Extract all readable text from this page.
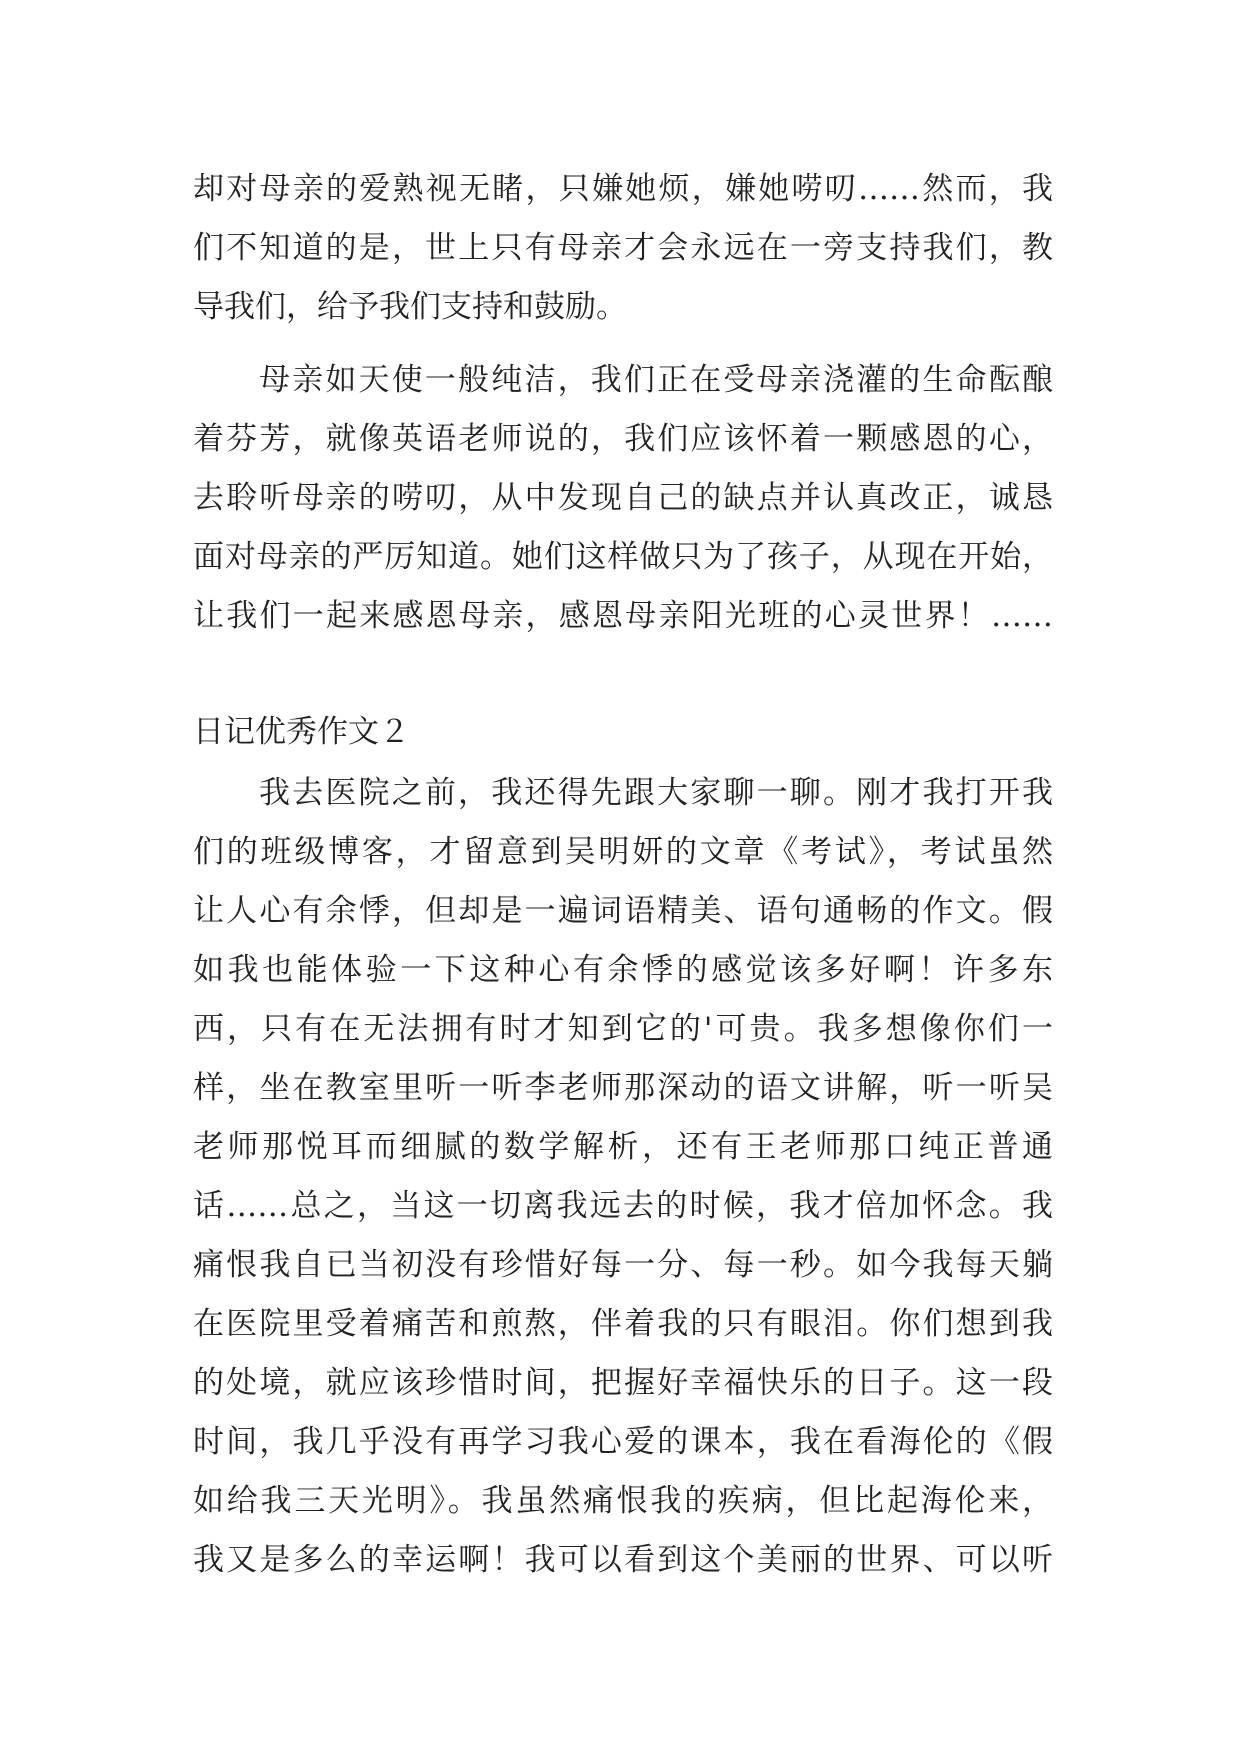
却对母亲的爱熟视无睹，只嫌她烦，嫌她唠叨……然而，我
们不知道的是，世上只有母亲才会永远在一旁支持我们，教
导我们，给予我们支持和鼓励。
母亲如天使一般纯洁，我们正在受母亲浇灌的生命酝酿
着芬芳，就像英语老师说的，我们应该怀着一颗感恩的心，
去聆听母亲的唠叨，从中发现自己的缺点并认真改正，诚恳
面对母亲的严厉知道。她们这样做只为了孩子，从现在开始，
让我们一起来感恩母亲，感恩母亲阳光班的心灵世界！……
日记优秀作文２
我去医院之前，我还得先跟大家聊一聊。刚才我打开我
们的班级博客，才留意到吴明妍的文章《考试》，考试虽然
让人心有余悸，但却是一遍词语精美、语句通畅的作文。假
如我也能体验一下这种心有余悸的感觉该多好啊！许多东
西，只有在无法拥有时才知到它的'可贵。我多想像你们一
样，坐在教室里听一听李老师那深动的语文讲解，听一听吴
老师那悦耳而细腻的数学解析，还有王老师那口纯正普通
话……总之，当这一切离我远去的时候，我才倍加怀念。我
痛恨我自已当初没有珍惜好每一分、每一秒。如今我每天躺
在医院里受着痛苦和煎熬，伴着我的只有眼泪。你们想到我
的处境，就应该珍惜时间，把握好幸福快乐的日子。这一段
时间，我几乎没有再学习我心爱的课本，我在看海伦的《假
如给我三天光明》。我虽然痛恨我的疾病，但比起海伦来，
我又是多么的幸运啊！我可以看到这个美丽的世界、可以听
